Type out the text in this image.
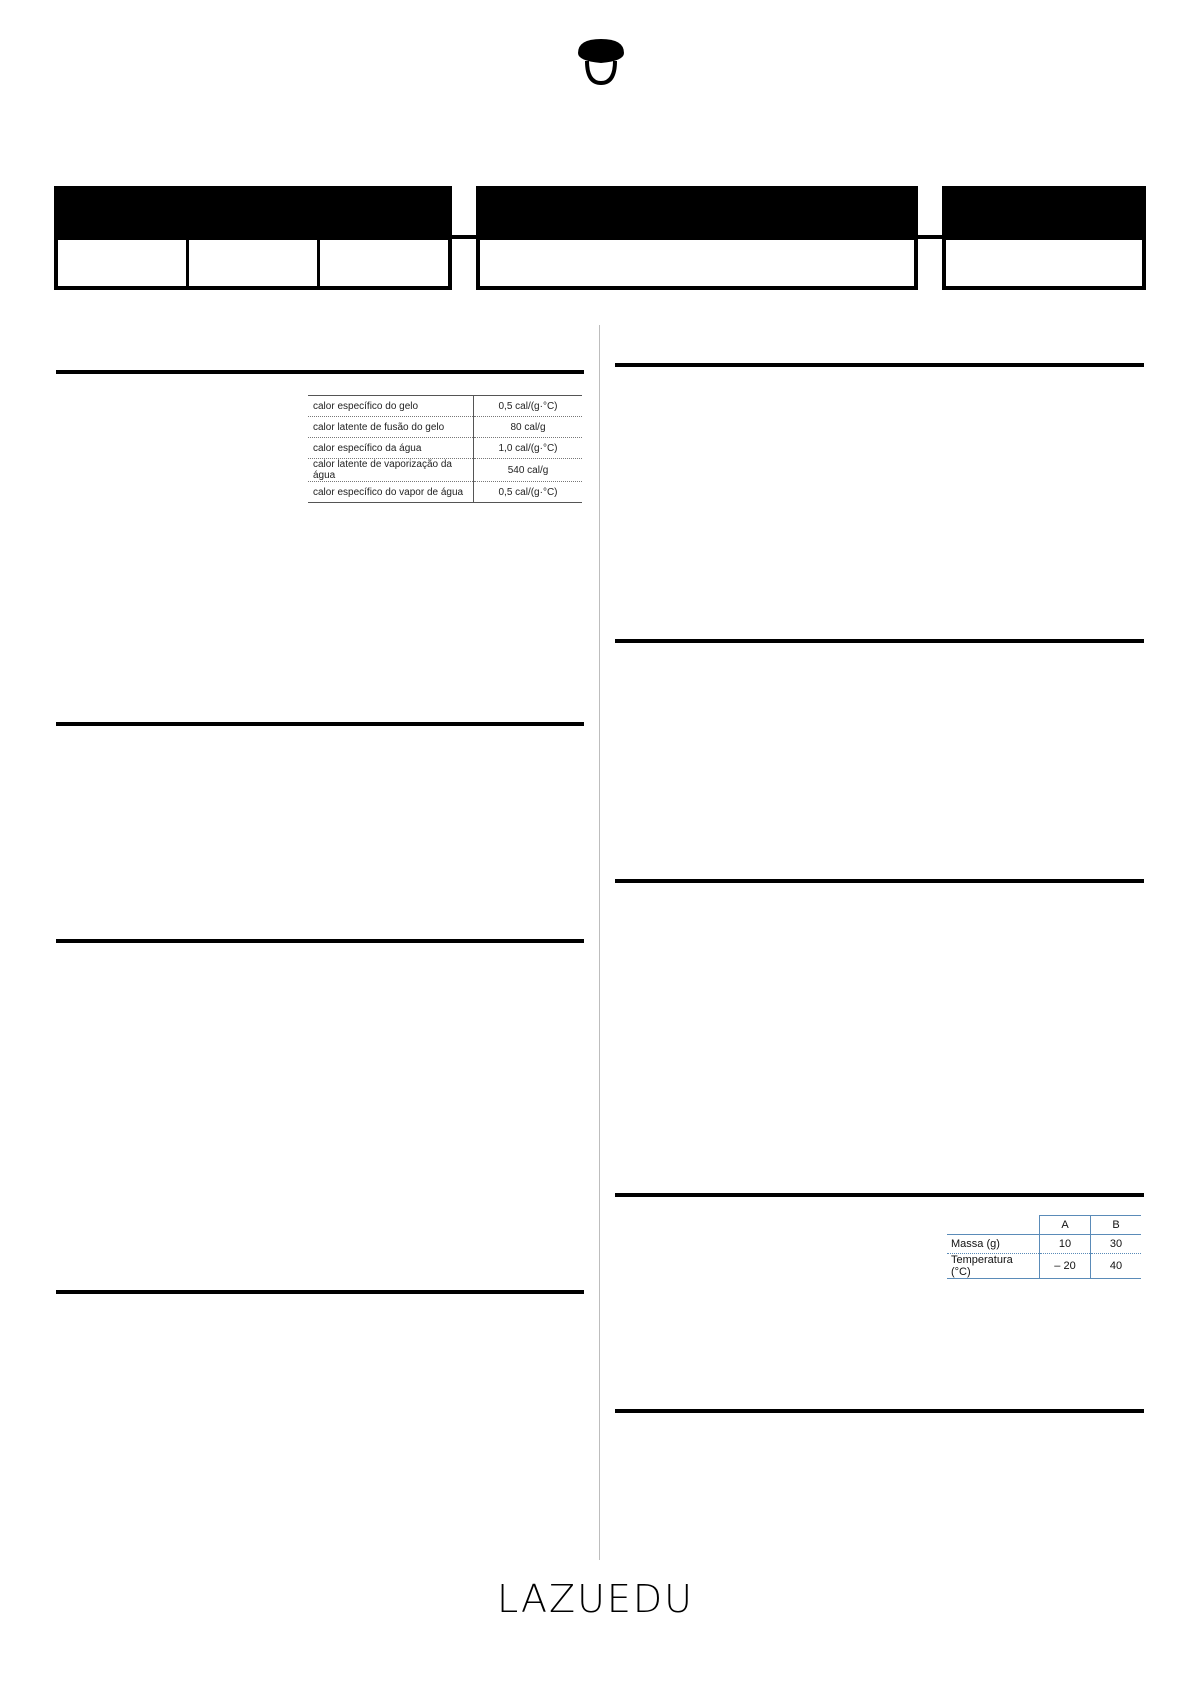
calor específico do gelo	0,5 cal/(g·°C)
calor latente de fusão do gelo	80 cal/g
calor específico da água	1,0 cal/(g·°C)
calor latente de vaporização da água	540 cal/g
calor específico do vapor de água	0,5 cal/(g·°C)
	A	B
Massa (g)	10	30
Temperatura (°C)	– 20	40
LAZUEDU
